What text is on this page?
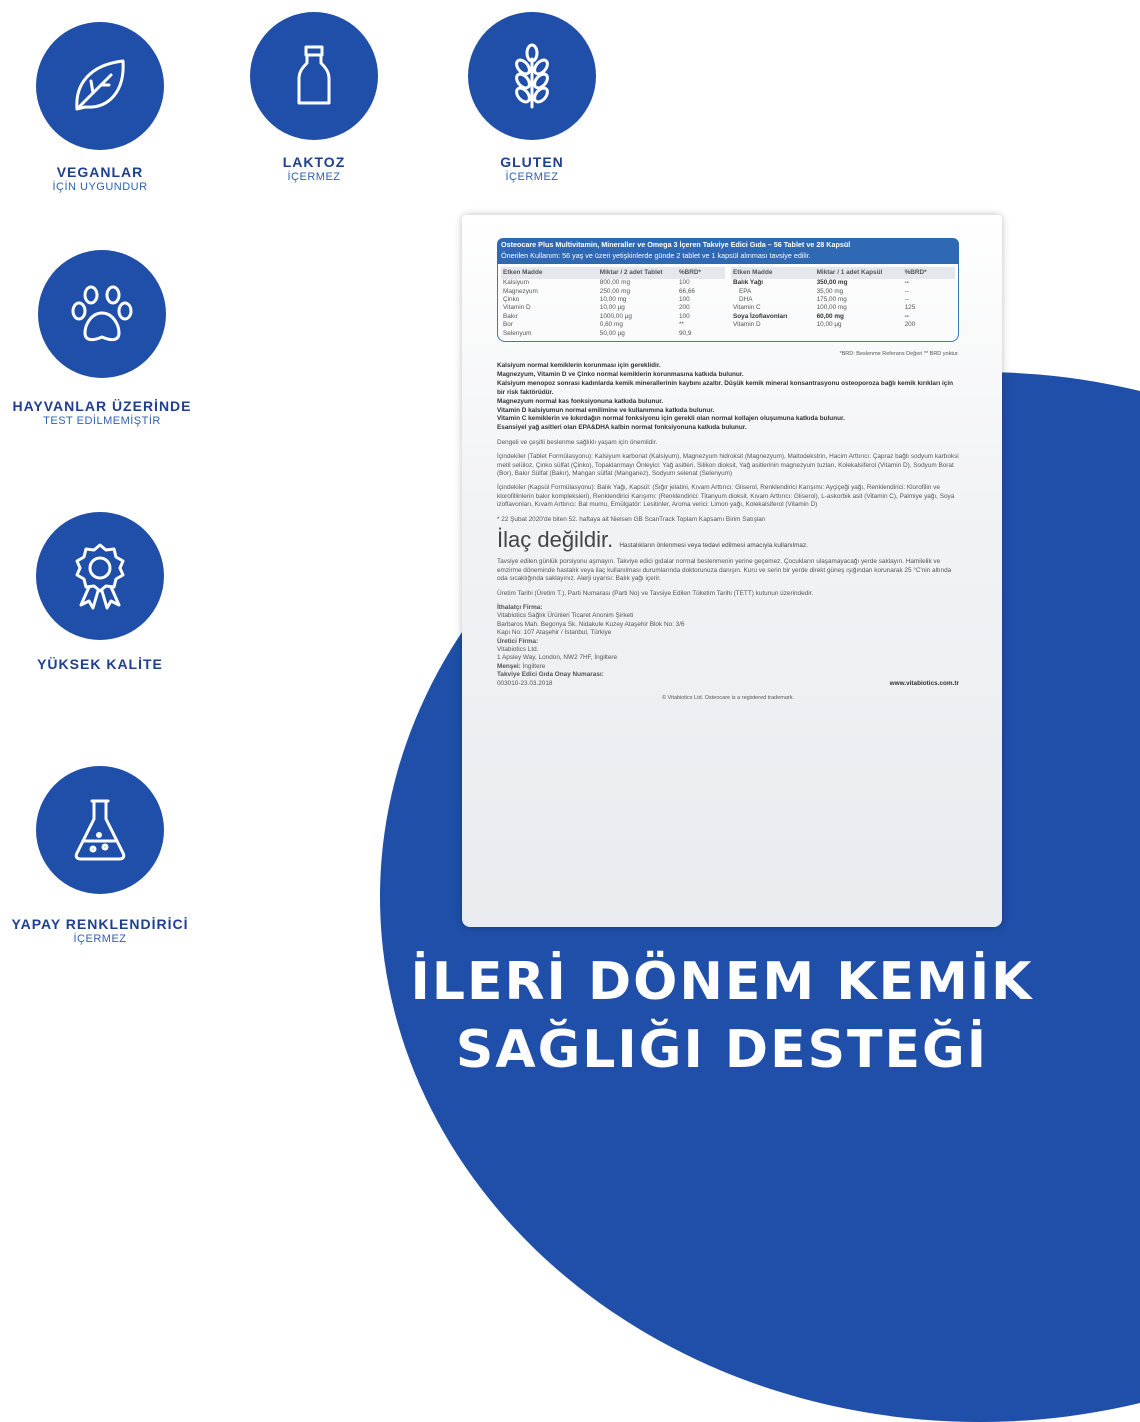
VEGANLAR
İÇİN UYGUNDUR
LAKTOZ
İÇERMEZ
GLUTEN
İÇERMEZ
HAYVANLAR ÜZERİNDE
TEST EDİLMEMİŞTİR
YÜKSEK KALİTE
YAPAY RENKLENDİRİCİ
İÇERMEZ
Osteocare Plus Multivitamin, Mineraller ve Omega 3 İçeren Takviye Edici Gıda – 56 Tablet ve 28 Kapsül
Önerilen Kullanım: 56 yaş ve üzeri yetişkinlerde günde 2 tablet ve 1 kapsül alınması tavsiye edilir.
Etken Madde	Miktar / 2 adet Tablet	%BRD*
Kalsiyum	800,00 mg	100
Magnezyum	250,00 mg	66,66
Çinko	10,00 mg	100
Vitamin D	10,00 µg	200
Bakır	1000,00 µg	100
Bor	0,60 mg	**
Selenyum	50,00 µg	90,9
Etken Madde	Miktar / 1 adet Kapsül	%BRD*
Balık Yağı	350,00 mg	--
EPA	35,00 mg	--
DHA	175,00 mg	--
Vitamin C	100,00 mg	125
Soya İzoflavonları	60,00 mg	--
Vitamin D	10,00 µg	200
*BRD: Beslenme Referans Değeri ** BRD yoktur.
Kalsiyum normal kemiklerin korunması için gereklidir.
Magnezyum, Vitamin D ve Çinko normal kemiklerin korunmasına katkıda bulunur.
Kalsiyum menopoz sonrası kadınlarda kemik minerallerinin kaybını azaltır. Düşük kemik mineral konsantrasyonu osteoporoza bağlı kemik kırıkları için bir risk faktörüdür.
Magnezyum normal kas fonksiyonuna katkıda bulunur.
Vitamin D kalsiyumun normal emilimine ve kullanımına katkıda bulunur.
Vitamin C kemiklerin ve kıkırdağın normal fonksiyonu için gerekli olan normal kollajen oluşumuna katkıda bulunur.
Esansiyel yağ asitleri olan EPA&DHA kalbin normal fonksiyonuna katkıda bulunur.
Dengeli ve çeşitli beslenme sağlıklı yaşam için önemlidir.
İçindekiler (Tablet Formülasyonu): Kalsiyum karbonat (Kalsiyum), Magnezyum hidroksit (Magnezyum), Maltodekstrin, Hacim Arttırıcı: Çapraz bağlı sodyum karboksi metil selüloz, Çinko sülfat (Çinko), Topaklanmayı Önleyici: Yağ asitleri, Silikon dioksit, Yağ asitlerinin magnezyum tuzları, Kolekalsiferol (Vitamin D), Sodyum Borat (Bor), Bakır Sülfat (Bakır), Mangan sülfat (Manganez), Sodyum selenat (Selenyum)
İçindekiler (Kapsül Formülasyonu): Balık Yağı, Kapsül: (Sığır jelatini, Kıvam Arttırıcı: Gliserol, Renklendirici Karışımı: Ayçiçeği yağı, Renklendirici: Klorofilin ve klorofillinlerin bakır kompleksleri), Renklendirici Karışımı: (Renklendirici: Titanyum dioksit, Kıvam Arttırıcı: Gliserol), L-askorbik asit (Vitamin C), Palmiye yağı, Soya izoflavonları, Kıvam Arttırıcı: Bal mumu, Emülgatör: Lesitinler, Aroma verici: Limon yağı, Kolekalsiferol (Vitamin D)
* 22 Şubat 2020'de biten 52. haftaya ait Nielsen GB ScanTrack Toplam Kapsamı Birim Satışları
İlaç değildir. Hastalıkların önlenmesi veya tedavi edilmesi amacıyla kullanılmaz.
Tavsiye edilen günlük porsiyonu aşmayın. Takviye edici gıdalar normal beslenmenin yerine geçemez. Çocukların ulaşamayacağı yerde saklayın. Hamilelik ve emzirme döneminde hastalık veya ilaç kullanılması durumlarında doktorunuza danışın. Kuru ve serin bir yerde direkt güneş ışığından korunarak 25 °C'nin altında oda sıcaklığında saklayınız. Alerji uyarısı: Balık yağı içerir.
Üretim Tarihi (Üretim T.), Parti Numarası (Parti No) ve Tavsiye Edilen Tüketim Tarihi (TETT) kutunun üzerindedir.
İthalatçı Firma:
Vitabiotics Sağlık Ürünleri Ticaret Anonim Şirketi
Barbaros Mah. Begonya Sk. Nidakule Kuzey Ataşehir Blok No: 3/6
Kapı No: 107 Ataşehir / İstanbul, Türkiye
Üretici Firma:
Vitabiotics Ltd.
1 Apsley Way, London, NW2 7HF, İngiltere
Menşei: İngiltere
Takviye Edici Gıda Onay Numarası:
003010-23.03.2018	www.vitabiotics.com.tr
© Vitabiotics Ltd. Osteocare is a registered trademark.
İLERİ DÖNEM KEMİK
SAĞLIĞI DESTEĞİ
